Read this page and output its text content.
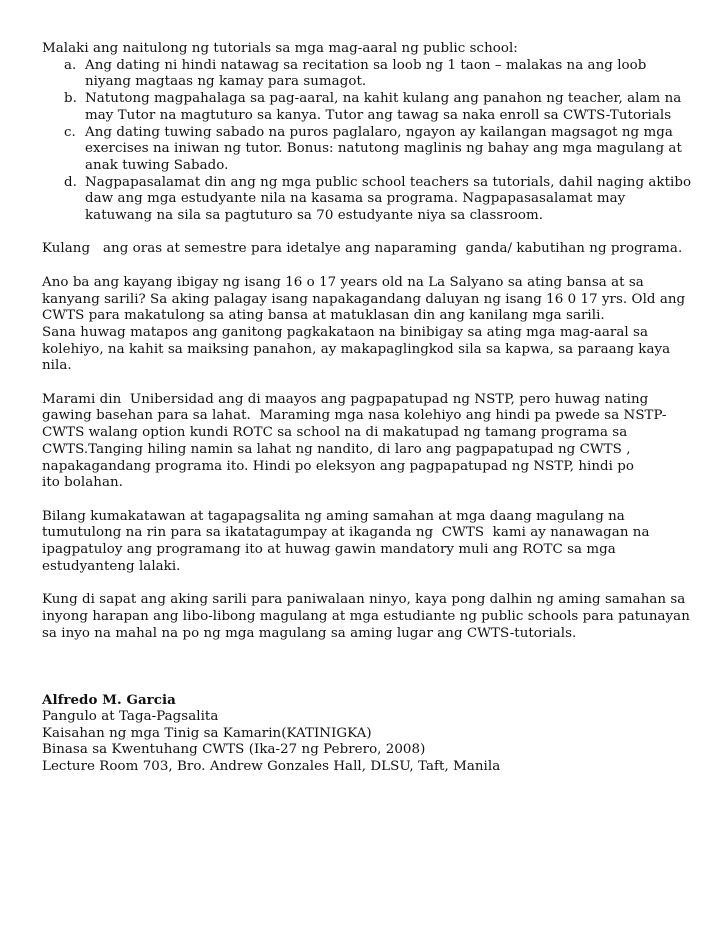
Malaki ang naitulong ng tutorials sa mga mag-aaral ng public school:

a. Ang dating ni hindi natawag sa recitation sa loob ng 1 taon – malakas na ang loob niyang magtaas ng kamay para sumagot.
b. Natutong magpahalaga sa pag-aaral, na kahit kulang ang panahon ng teacher, alam na may Tutor na magtuturo sa kanya. Tutor ang tawag sa naka enroll sa CWTS-Tutorials
c. Ang dating tuwing sabado na puros paglalaro, ngayon ay kailangan magsagot ng mga exercises na iniwan ng tutor. Bonus: natutong maglinis ng bahay ang mga magulang at anak tuwing Sabado.
d. Nagpapasalamat din ang ng mga public school teachers sa tutorials, dahil naging aktibo daw ang mga estudyante nila na kasama sa programa. Nagpapasasalamat may katuwang na sila sa pagtuturo sa 70 estudyante niya sa classroom.

Kulang   ang oras at semestre para idetalye ang naparaming  ganda/ kabutihan ng programa.

Ano ba ang kayang ibigay ng isang 16 o 17 years old na La Salyano sa ating bansa at sa kanyang sarili? Sa aking palagay isang napakagandang daluyan ng isang 16 0 17 yrs. Old ang CWTS para makatulong sa ating bansa at matuklasan din ang kanilang mga sarili.

Sana huwag matapos ang ganitong pagkakataon na binibigay sa ating mga mag-aaral sa kolehiyo, na kahit sa maiksing panahon, ay makapaglingkod sila sa kapwa, sa paraang kaya  nila.

Marami din  Unibersidad ang di maayos ang pagpapatupad ng NSTP, pero huwag nating gawing basehan para sa lahat.  Maraming mga nasa kolehiyo ang hindi pa pwede sa NSTP-CWTS walang option kundi ROTC sa school na di makatupad ng tamang programa sa CWTS.Tanging hiling namin sa lahat ng nandito, di laro ang pagpapatupad ng CWTS ,  napakagandang programa ito. Hindi po eleksyon ang pagpapatupad ng NSTP, hindi po

ito bolahan.

Bilang kumakatawan at tagapagsalita ng aming samahan at mga daang magulang na tumutulong na rin para sa ikatatagumpay at ikaganda ng  CWTS  kami ay nanawagan na ipagpatuloy ang programang ito at huwag gawin mandatory muli ang ROTC sa mga estudyanteng lalaki.

Kung di sapat ang aking sarili para paniwalaan ninyo, kaya pong dalhin ng aming samahan sa inyong harapan ang libo-libong magulang at mga estudiante ng public schools para patunayan sa inyo na mahal na po ng mga magulang sa aming lugar ang CWTS-tutorials.

Alfredo M. Garcia

Pangulo at Taga-Pagsalita

Kaisahan ng mga Tinig sa Kamarin(KATINIGKA)

Binasa sa Kwentuhang CWTS (Ika-27 ng Pebrero, 2008)

Lecture Room 703, Bro. Andrew Gonzales Hall, DLSU, Taft, Manila
